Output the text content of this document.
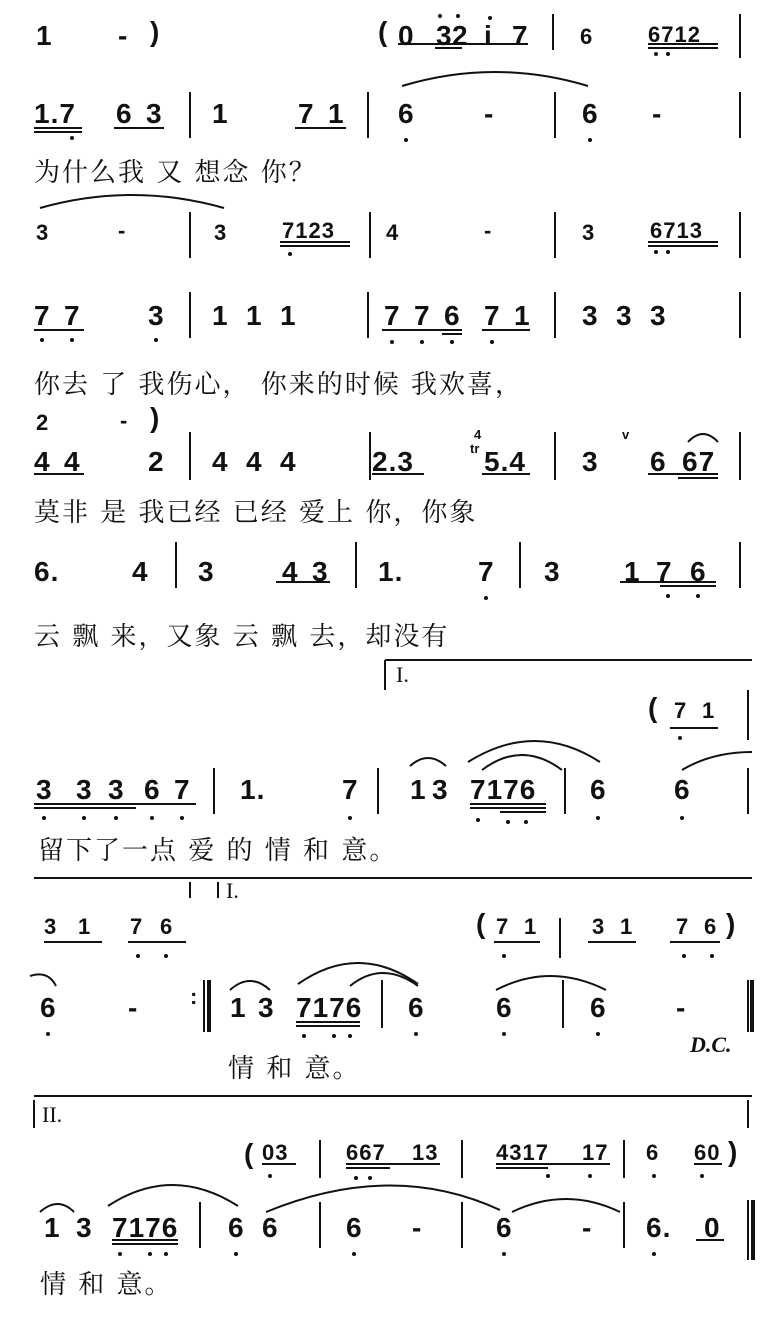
:
1 - )	( 0 3 2 i 7 6 6712
1.7 6 3 1 7 1 6 -	6 -
为什么我 又 想念 你？
3	-	3 7123 4	-	3 6713
7 7 3 1 1 1	7 7 6 7 1 3 3 3
你去 了 我伤心， 你来的时候 我欢喜，
2	- )
4 4 2 4 4 4	2.3
4
tr 5.4 3
v
6 67
莫非 是 我已经 已经 爱上 你，你象
6.	4 3 4 3 1.	7 3 1 7 6
云 飘 来，又象 云 飘 去，却没有
I.
( 7 1
3 3 3 6 7 1.	7 1 3 7176 6 6
留下了一点 爱 的 情 和 意。
I.
3 1 7 6	( 7 1 3 1 7 6 )
6	-	1 3 7176 6	6	6 -
D.C.
情 和 意。
II.
( 03	667 13	4317 17 6 60 )
1 3 7176 6 6 6 -	6 - 6. 0
情 和 意。
